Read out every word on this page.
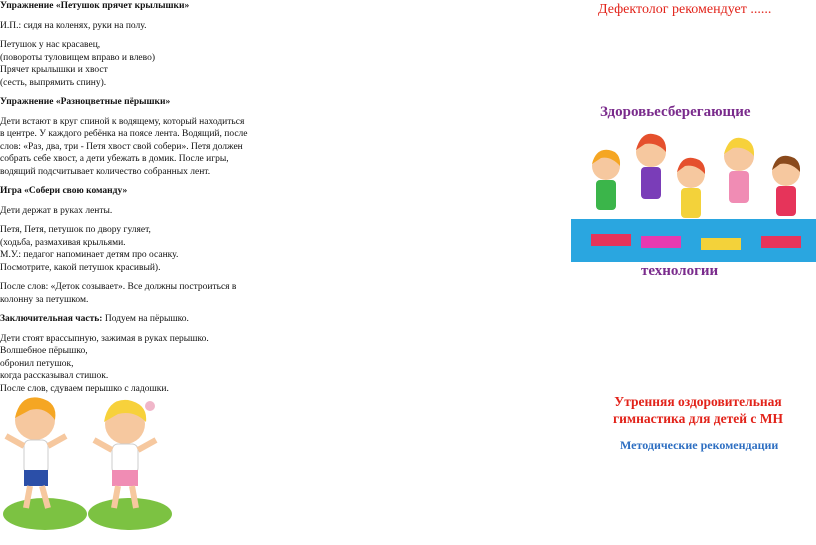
Упражнение «Петушок прячет крылышки»

И.П.: сидя на коленях, руки на полу.

Петушок у нас красавец,
(повороты туловищем вправо и влево)
Прячет крылышки и хвост
(сесть, выпрямить спину).

Упражнение «Разноцветные пёрышки»

Дети встают в круг спиной к водящему, который находиться в центре. У каждого ребёнка на поясе лента. Водящий, после слов: «Раз, два, три - Петя хвост свой собери». Петя должен собрать себе хвост, а дети убежать в домик. После игры, водящий подсчитывает количество собранных лент.

Игра «Собери свою команду»

Дети держат в руках ленты.

Петя, Петя, петушок по двору гуляет,
(ходьба, размахивая крыльями.
М.У.: педагог напоминает детям про осанку.
Посмотрите, какой петушок красивый).

После слов: «Деток созывает». Все должны построиться в колонну за петушком.

Заключительная часть: Подуем на пёрышко.

Дети стоят врассыпную, зажимая в руках перышко.
Волшебное пёрышко,
обронил петушок,
когда рассказывал стишок.
После слов, сдуваем перышко с ладошки.

Дефектолог рекомендует ......
Здоровьесберегающие
технологии
Утренняя оздоровительная гимнастика для детей с МН
Методические рекомендации
